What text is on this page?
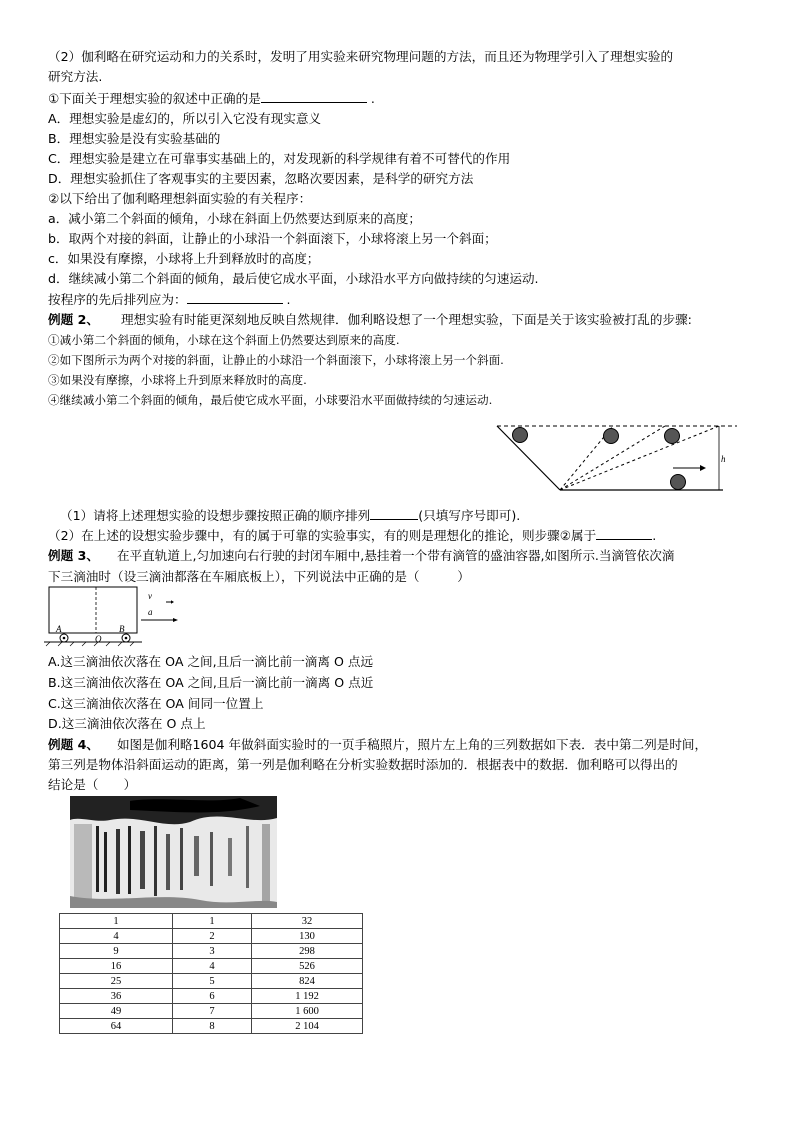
（2）伽利略在研究运动和力的关系时，发明了用实验来研究物理问题的方法，而且还为物理学引入了理想实验的
研究方法.
①下面关于理想实验的叙述中正确的是	.
A．理想实验是虚幻的，所以引入它没有现实意义
B．理想实验是没有实验基础的
C．理想实验是建立在可靠事实基础上的，对发现新的科学规律有着不可替代的作用
D．理想实验抓住了客观事实的主要因素，忽略次要因素，是科学的研究方法
②以下给出了伽利略理想斜面实验的有关程序：
a．减小第二个斜面的倾角，小球在斜面上仍然要达到原来的高度；
b．取两个对接的斜面，让静止的小球沿一个斜面滚下，小球将滚上另一个斜面；
c．如果没有摩擦，小球将上升到释放时的高度；
d．继续减小第二个斜面的倾角，最后使它成水平面，小球沿水平方向做持续的匀速运动.
按程序的先后排列应为：	.
例题 2、 理想实验有时能更深刻地反映自然规律．伽利略设想了一个理想实验，下面是关于该实验被打乱的步骤:
①减小第二个斜面的倾角，小球在这个斜面上仍然要达到原来的高度.
②如下图所示为两个对接的斜面，让静止的小球沿一个斜面滚下，小球将滚上另一个斜面.
③如果没有摩擦，小球将上升到原来释放时的高度.
④继续减小第二个斜面的倾角，最后使它成水平面，小球要沿水平面做持续的匀速运动.
h
（1）请将上述理想实验的设想步骤按照正确的顺序排列	(只填写序号即可).
（2）在上述的设想实验步骤中，有的属于可靠的实验事实，有的则是理想化的推论，则步骤②属于	.
例题 3、 在平直轨道上,匀加速向右行驶的封闭车厢中,悬挂着一个带有滴管的盛油容器,如图所示.当滴管依次滴
下三滴油时（设三滴油都落在车厢底板上），下列说法中正确的是（　　　）
A
O
B
v
a
A.这三滴油依次落在 OA 之间,且后一滴比前一滴离 O 点远
B.这三滴油依次落在 OA 之间,且后一滴比前一滴离 O 点近
C.这三滴油依次落在 OA 间同一位置上
D.这三滴油依次落在 O 点上
例题 4、 如图是伽利略1604 年做斜面实验时的一页手稿照片，照片左上角的三列数据如下表．表中第二列是时间，
第三列是物体沿斜面运动的距离，第一列是伽利略在分析实验数据时添加的．根据表中的数据．伽利略可以得出的
结论是（　　）
1	1	32
4	2	130
9	3	298
16	4	526
25	5	824
36	6	1 192
49	7	1 600
64	8	2 104
